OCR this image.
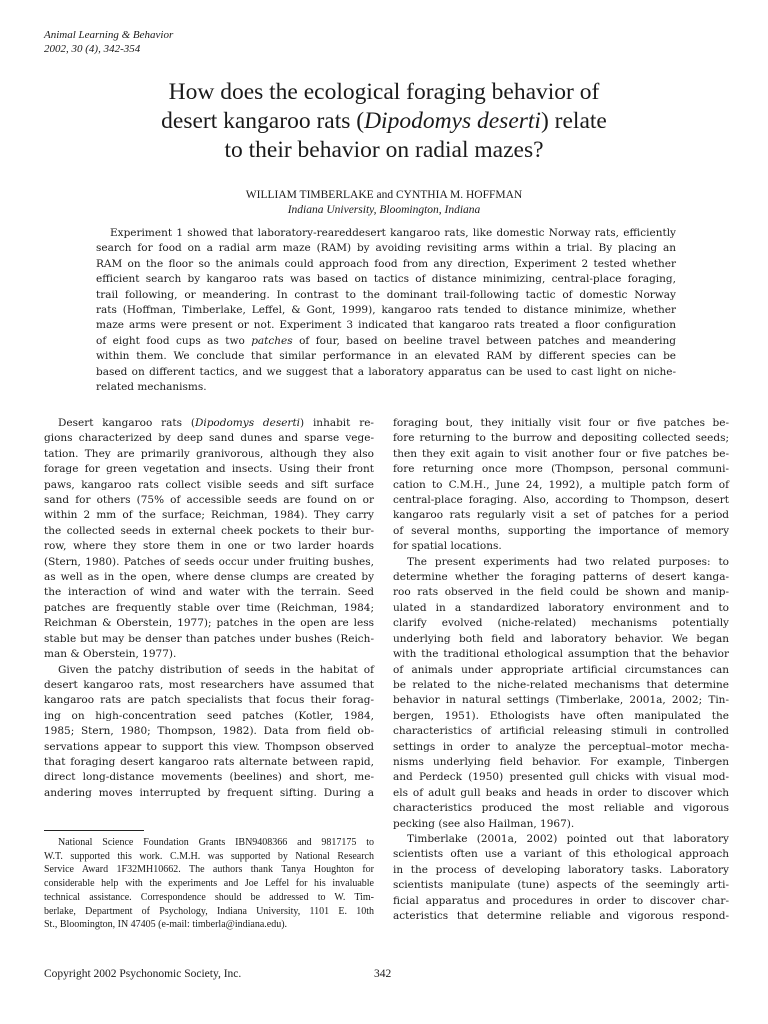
Animal Learning & Behavior
2002, 30 (4), 342-354
How does the ecological foraging behavior of
desert kangaroo rats (Dipodomys deserti) relate
to their behavior on radial mazes?
WILLIAM TIMBERLAKE and CYNTHIA M. HOFFMAN
Indiana University, Bloomington, Indiana
Experiment 1 showed that laboratory-rearеddesert kangaroo rats, like domestic Norway rats, efficiently
search for food on a radial arm maze (RAM) by avoiding revisiting arms within a trial. By placing an
RAM on the floor so the animals could approach food from any direction, Experiment 2 tested whether
efficient search by kangaroo rats was based on tactics of distance minimizing, central-place foraging,
trail following, or meandering. In contrast to the dominant trail-following tactic of domestic Norway
rats (Hoffman, Timberlake, Leffel, & Gont, 1999), kangaroo rats tended to distance minimize, whether
maze arms were present or not. Experiment 3 indicated that kangaroo rats treated a floor configuration
of eight food cups as two patches of four, based on beeline travel between patches and meandering
within them. We conclude that similar performance in an elevated RAM by different species can be
based on different tactics, and we suggest that a laboratory apparatus can be used to cast light on niche-
related mechanisms.
Desert kangaroo rats (Dipodomys deserti) inhabit re-
gions characterized by deep sand dunes and sparse vege-
tation. They are primarily granivorous, although they also
forage for green vegetation and insects. Using their front
paws, kangaroo rats collect visible seeds and sift surface
sand for others (75% of accessible seeds are found on or
within 2 mm of the surface; Reichman, 1984). They carry
the collected seeds in external cheek pockets to their bur-
row, where they store them in one or two larder hoards
(Stern, 1980). Patches of seeds occur under fruiting bushes,
as well as in the open, where dense clumps are created by
the interaction of wind and water with the terrain. Seed
patches are frequently stable over time (Reichman, 1984;
Reichman & Oberstein, 1977); patches in the open are less
stable but may be denser than patches under bushes (Reich-
man & Oberstein, 1977).
Given the patchy distribution of seeds in the habitat of
desert kangaroo rats, most researchers have assumed that
kangaroo rats are patch specialists that focus their forag-
ing on high-concentration seed patches (Kotler, 1984,
1985; Stern, 1980; Thompson, 1982). Data from field ob-
servations appear to support this view. Thompson observed
that foraging desert kangaroo rats alternate between rapid,
direct long-distance movements (beelines) and short, me-
andering moves interrupted by frequent sifting. During a
foraging bout, they initially visit four or five patches be-
fore returning to the burrow and depositing collected seeds;
then they exit again to visit another four or five patches be-
fore returning once more (Thompson, personal communi-
cation to C.M.H., June 24, 1992), a multiple patch form of
central-place foraging. Also, according to Thompson, desert
kangaroo rats regularly visit a set of patches for a period
of several months, supporting the importance of memory
for spatial locations.
The present experiments had two related purposes: to
determine whether the foraging patterns of desert kanga-
roo rats observed in the field could be shown and manip-
ulated in a standardized laboratory environment and to
clarify evolved (niche-related) mechanisms potentially
underlying both field and laboratory behavior. We began
with the traditional ethological assumption that the behavior
of animals under appropriate artificial circumstances can
be related to the niche-related mechanisms that determine
behavior in natural settings (Timberlake, 2001a, 2002; Tin-
bergen, 1951). Ethologists have often manipulated the
characteristics of artificial releasing stimuli in controlled
settings in order to analyze the perceptual–motor mecha-
nisms underlying field behavior. For example, Tinbergen
and Perdeck (1950) presented gull chicks with visual mod-
els of adult gull beaks and heads in order to discover which
characteristics produced the most reliable and vigorous
pecking (see also Hailman, 1967).
Timberlake (2001a, 2002) pointed out that laboratory
scientists often use a variant of this ethological approach
in the process of developing laboratory tasks. Laboratory
scientists manipulate (tune) aspects of the seemingly arti-
ficial apparatus and procedures in order to discover char-
acteristics that determine reliable and vigorous respond-
National Science Foundation Grants IBN9408366 and 9817175 to
W.T. supported this work. C.M.H. was supported by National Research
Service Award 1F32MH10662. The authors thank Tanya Houghton for
considerable help with the experiments and Joe Leffel for his invaluable
technical assistance. Correspondence should be addressed to W. Tim-
berlake, Department of Psychology, Indiana University, 1101 E. 10th
St., Bloomington, IN 47405 (e-mail: timberla@indiana.edu).
Copyright 2002 Psychonomic Society, Inc.	342
